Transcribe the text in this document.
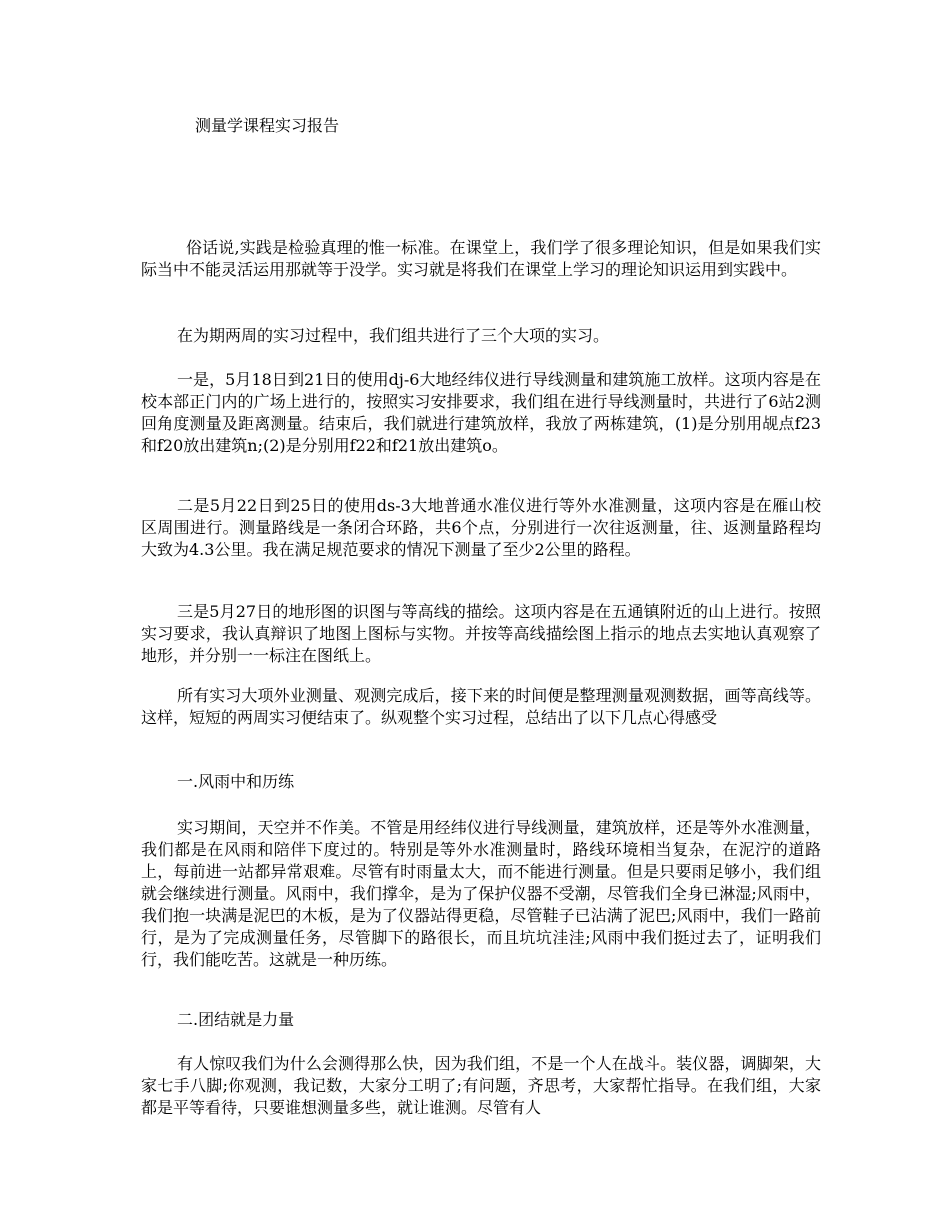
测量学课程实习报告

俗话说,实践是检验真理的惟一标准。在课堂上，我们学了很多理论知识，但是如果我们实际当中不能灵活运用那就等于没学。实习就是将我们在课堂上学习的理论知识运用到实践中。

在为期两周的实习过程中，我们组共进行了三个大项的实习。

一是，5月18日到21日的使用dj-6大地经纬仪进行导线测量和建筑施工放样。这项内容是在校本部正门内的广场上进行的，按照实习安排要求，我们组在进行导线测量时，共进行了6站2测回角度测量及距离测量。结束后，我们就进行建筑放样，我放了两栋建筑，(1)是分别用觇点f23和f20放出建筑n;(2)是分别用f22和f21放出建筑o。

二是5月22日到25日的使用ds-3大地普通水准仪进行等外水准测量，这项内容是在雁山校区周围进行。测量路线是一条闭合环路，共6个点，分别进行一次往返测量，往、返测量路程均大致为4.3公里。我在满足规范要求的情况下测量了至少2公里的路程。

三是5月27日的地形图的识图与等高线的描绘。这项内容是在五通镇附近的山上进行。按照实习要求，我认真辩识了地图上图标与实物。并按等高线描绘图上指示的地点去实地认真观察了地形，并分别一一标注在图纸上。

所有实习大项外业测量、观测完成后，接下来的时间便是整理测量观测数据，画等高线等。这样，短短的两周实习便结束了。纵观整个实习过程，总结出了以下几点心得感受

一.风雨中和历练

实习期间，天空并不作美。不管是用经纬仪进行导线测量，建筑放样，还是等外水准测量，我们都是在风雨和陪伴下度过的。特别是等外水准测量时，路线环境相当复杂，在泥泞的道路上，每前进一站都异常艰难。尽管有时雨量太大，而不能进行测量。但是只要雨足够小，我们组就会继续进行测量。风雨中，我们撑伞，是为了保护仪器不受潮，尽管我们全身已淋湿;风雨中，我们抱一块满是泥巴的木板，是为了仪器站得更稳，尽管鞋子已沾满了泥巴;风雨中，我们一路前行，是为了完成测量任务，尽管脚下的路很长，而且坑坑洼洼;风雨中我们挺过去了，证明我们行，我们能吃苦。这就是一种历练。

二.团结就是力量

有人惊叹我们为什么会测得那么快，因为我们组，不是一个人在战斗。装仪器，调脚架，大家七手八脚;你观测，我记数，大家分工明了;有问题，齐思考，大家帮忙指导。在我们组，大家都是平等看待，只要谁想测量多些，就让谁测。尽管有人
